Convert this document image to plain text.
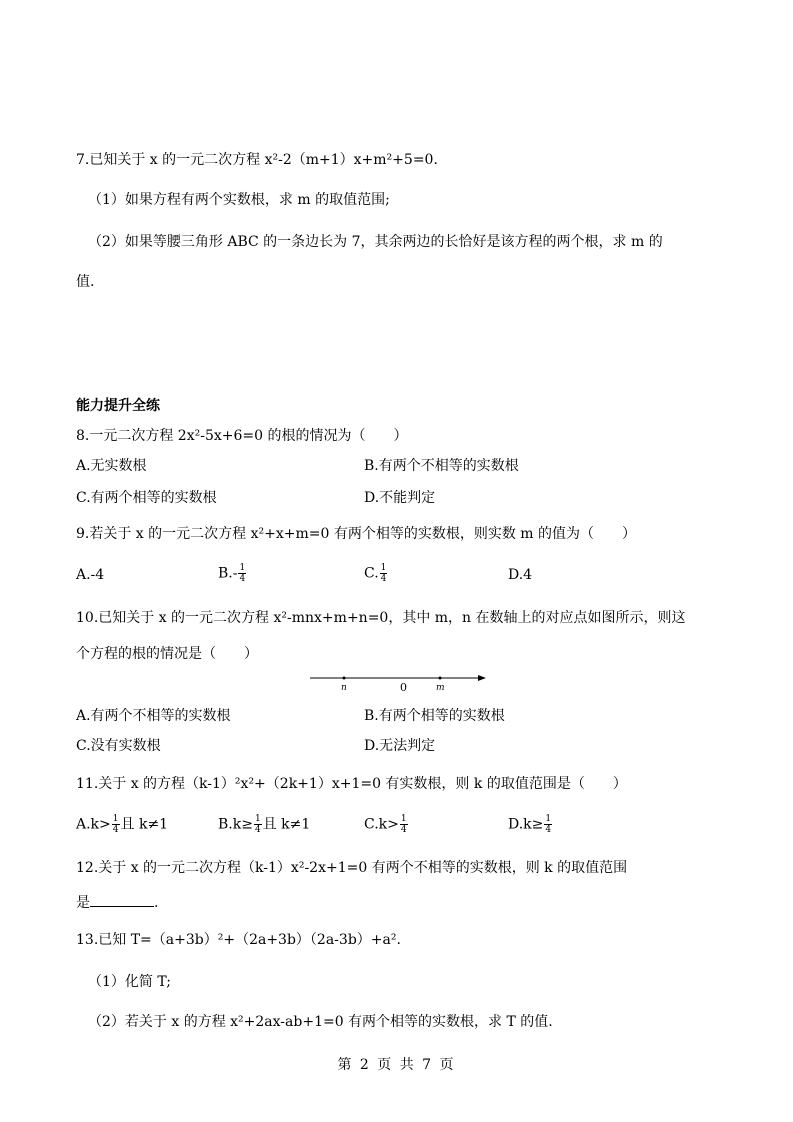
7.已知关于 x 的一元二次方程 x²-2（m+1）x+m²+5=0.
（1）如果方程有两个实数根，求 m 的取值范围;
（2）如果等腰三角形 ABC 的一条边长为 7，其余两边的长恰好是该方程的两个根，求 m 的
值.
能力提升全练
8.一元二次方程 2x²-5x+6=0 的根的情况为（　　）
A.无实数根	B.有两个不相等的实数根
C.有两个相等的实数根	D.不能判定
9.若关于 x 的一元二次方程 x²+x+m=0 有两个相等的实数根，则实数 m 的值为（　　）
A.-4	$B.- \frac{1}{4}$	C. $\frac{1}{4}$	D.4
10.已知关于 x 的一元二次方程 x²-mnx+m+n=0，其中 m，n 在数轴上的对应点如图所示，则这
个方程的根的情况是（　　）
n	0	m
A.有两个不相等的实数根	B.有两个相等的实数根
C.没有实数根	D.无法判定
11.关于 x 的方程（k-1）²x²+（2k+1）x+1=0 有实数根，则 k 的取值范围是（　　）
$A.k> \frac{1}{4}$ 且 k≠1	$B.k\ge \frac{1}{4}$ 且 k≠1	$C.k> \frac{1}{4}$	$D.k\ge \frac{1}{4}$
12.关于 x 的一元二次方程（k-1）x²-2x+1=0 有两个不相等的实数根，则 k 的取值范围
是	.
13.已知 T=（a+3b）²+（2a+3b）（2a-3b）+a².
（1）化简 T;
（2）若关于 x 的方程 x²+2ax-ab+1=0 有两个相等的实数根，求 T 的值.
第 2 页 共 7 页
